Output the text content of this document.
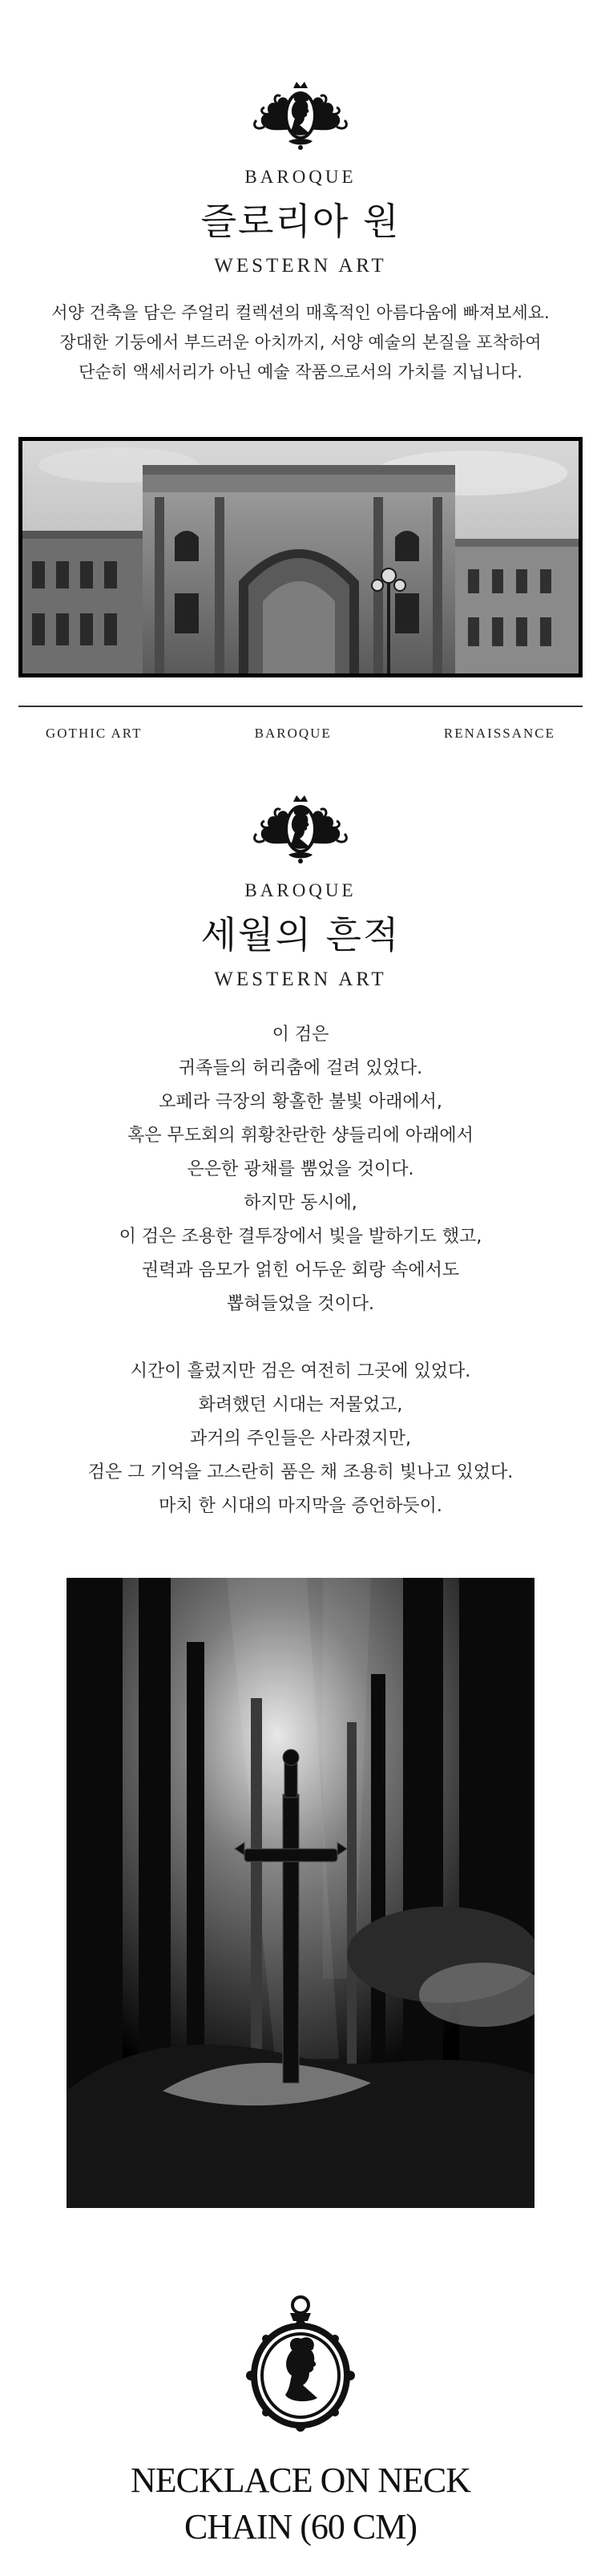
BAROQUE
즐로리아 원
WESTERN ART
서양 건축을 담은 주얼리 컬렉션의 매혹적인 아름다움에 빠져보세요.
장대한 기둥에서 부드러운 아치까지, 서양 예술의 본질을 포착하여
단순히 액세서리가 아닌 예술 작품으로서의 가치를 지닙니다.
GOTHIC ART	BAROQUE	RENAISSANCE
BAROQUE
세월의 흔적
WESTERN ART
이 검은
귀족들의 허리춤에 걸려 있었다.
오페라 극장의 황홀한 불빛 아래에서,
혹은 무도회의 휘황찬란한 샹들리에 아래에서
은은한 광채를 뿜었을 것이다.
하지만 동시에,
이 검은 조용한 결투장에서 빛을 발하기도 했고,
권력과 음모가 얽힌 어두운 회랑 속에서도
뽑혀들었을 것이다.
시간이 흘렀지만 검은 여전히 그곳에 있었다.
화려했던 시대는 저물었고,
과거의 주인들은 사라졌지만,
검은 그 기억을 고스란히 품은 채 조용히 빛나고 있었다.
마치 한 시대의 마지막을 증언하듯이.
NECKLACE ON NECK
CHAIN (60 CM)
